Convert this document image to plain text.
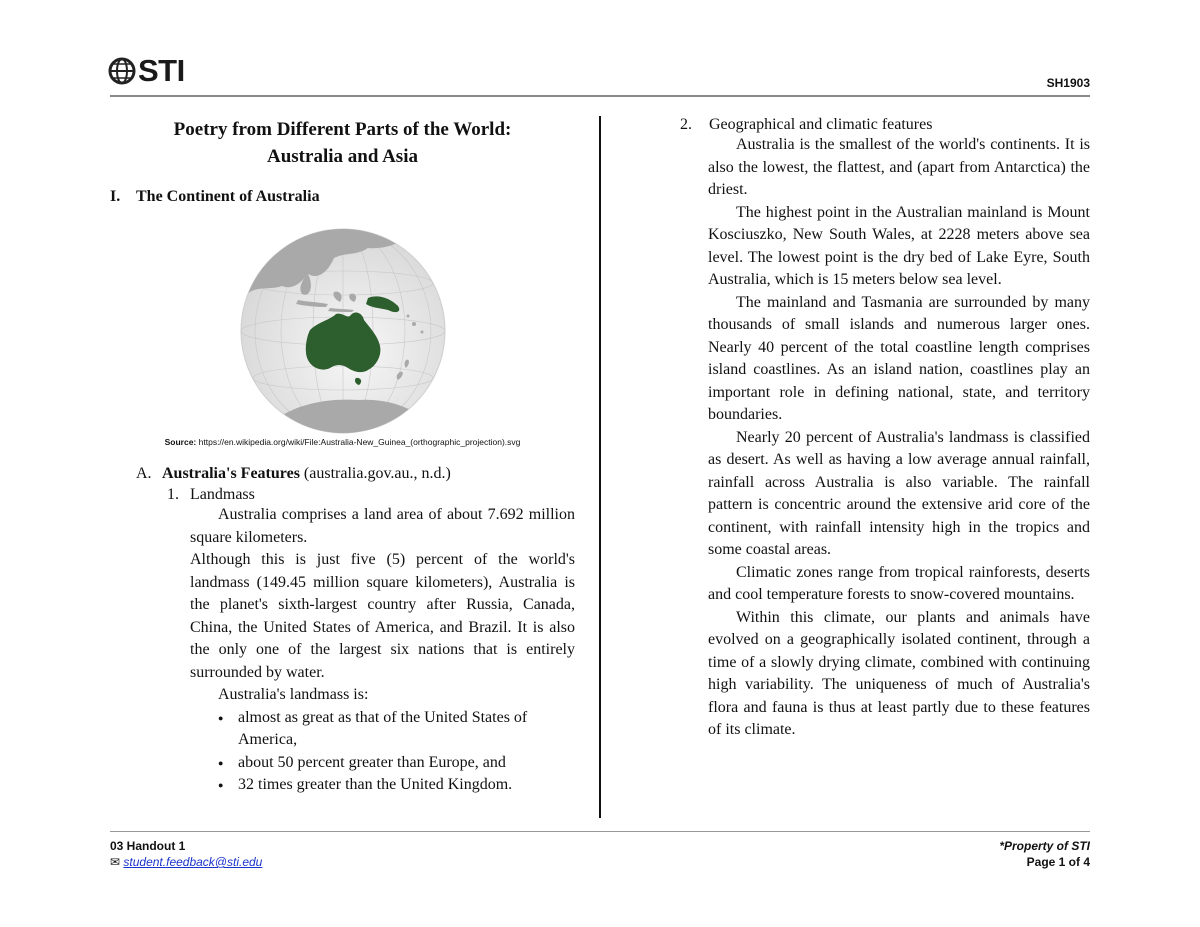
STI	SH1903
Poetry from Different Parts of the World:
Australia and Asia
I. The Continent of Australia
Source: https://en.wikipedia.org/wiki/File:Australia-New_Guinea_(orthographic_projection).svg
A. Australia's Features (australia.gov.au., n.d.)
1. Landmass
Australia comprises a land area of about 7.692 million square kilometers.
Although this is just five (5) percent of the world's landmass (149.45 million square kilometers), Australia is the planet's sixth-largest country after Russia, Canada, China, the United States of America, and Brazil. It is also the only one of the largest six nations that is entirely surrounded by water.
Australia's landmass is:
● almost as great as that of the United States of America,
● about 50 percent greater than Europe, and
● 32 times greater than the United Kingdom.
2.	Geographical and climatic features
Australia is the smallest of the world's continents. It is also the lowest, the flattest, and (apart from Antarctica) the driest.
The highest point in the Australian mainland is Mount Kosciuszko, New South Wales, at 2228 meters above sea level. The lowest point is the dry bed of Lake Eyre, South Australia, which is 15 meters below sea level.
The mainland and Tasmania are surrounded by many thousands of small islands and numerous larger ones. Nearly 40 percent of the total coastline length comprises island coastlines. As an island nation, coastlines play an important role in defining national, state, and territory boundaries.
Nearly 20 percent of Australia's landmass is classified as desert. As well as having a low average annual rainfall, rainfall across Australia is also variable. The rainfall pattern is concentric around the extensive arid core of the continent, with rainfall intensity high in the tropics and some coastal areas.
Climatic zones range from tropical rainforests, deserts and cool temperature forests to snow-covered mountains.
Within this climate, our plants and animals have evolved on a geographically isolated continent, through a time of a slowly drying climate, combined with continuing high variability. The uniqueness of much of Australia's flora and fauna is thus at least partly due to these features of its climate.
03 Handout 1
✉ student.feedback@sti.edu
*Property of STI
Page 1 of 4
